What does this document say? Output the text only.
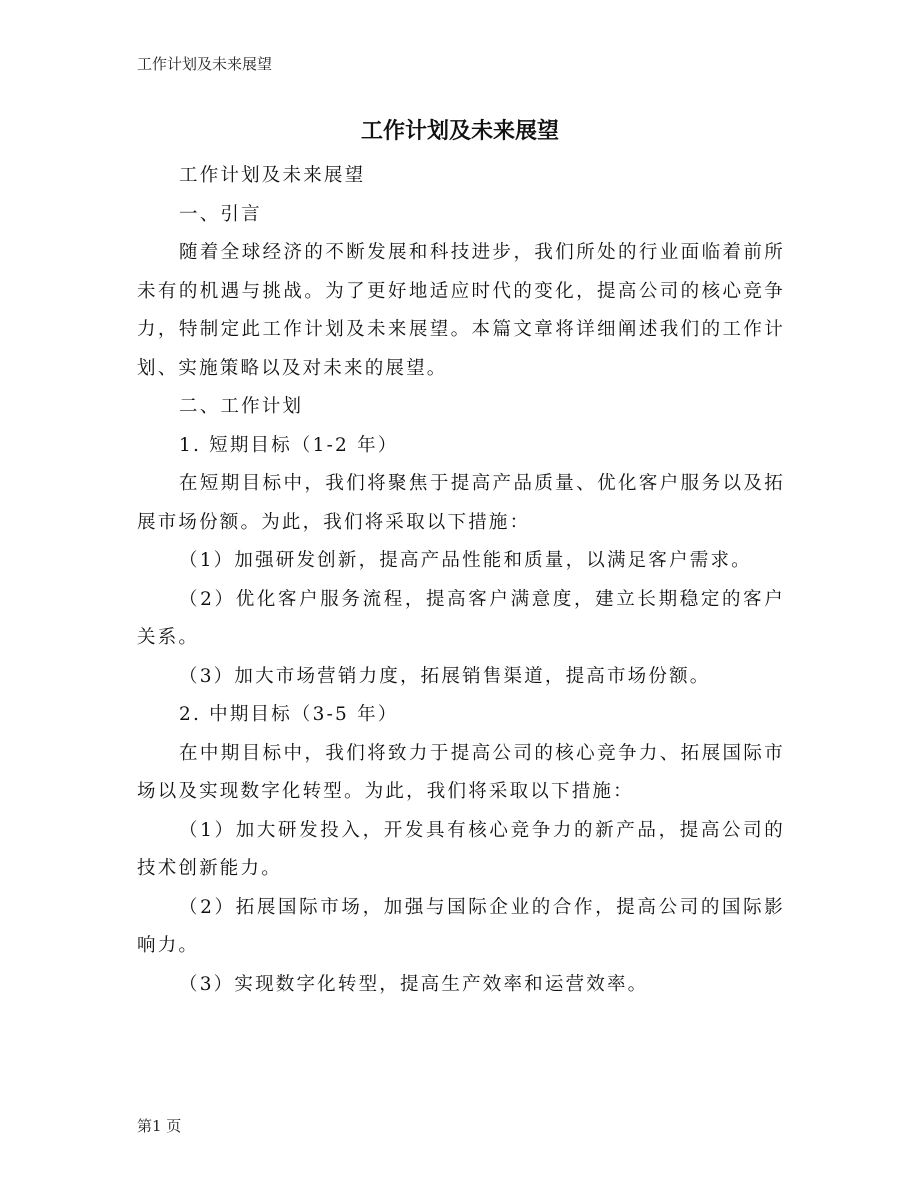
工作计划及未来展望
工作计划及未来展望

工作计划及未来展望

一、引言

随着全球经济的不断发展和科技进步，我们所处的行业面临着前所未有的机遇与挑战。为了更好地适应时代的变化，提高公司的核心竞争力，特制定此工作计划及未来展望。本篇文章将详细阐述我们的工作计划、实施策略以及对未来的展望。

二、工作计划

1. 短期目标（1-2 年）

在短期目标中，我们将聚焦于提高产品质量、优化客户服务以及拓展市场份额。为此，我们将采取以下措施：

（1）加强研发创新，提高产品性能和质量，以满足客户需求。

（2）优化客户服务流程，提高客户满意度，建立长期稳定的客户关系。

（3）加大市场营销力度，拓展销售渠道，提高市场份额。

2. 中期目标（3-5 年）

在中期目标中，我们将致力于提高公司的核心竞争力、拓展国际市场以及实现数字化转型。为此，我们将采取以下措施：

（1）加大研发投入，开发具有核心竞争力的新产品，提高公司的技术创新能力。

（2）拓展国际市场，加强与国际企业的合作，提高公司的国际影响力。

（3）实现数字化转型，提高生产效率和运营效率。

第1 页
